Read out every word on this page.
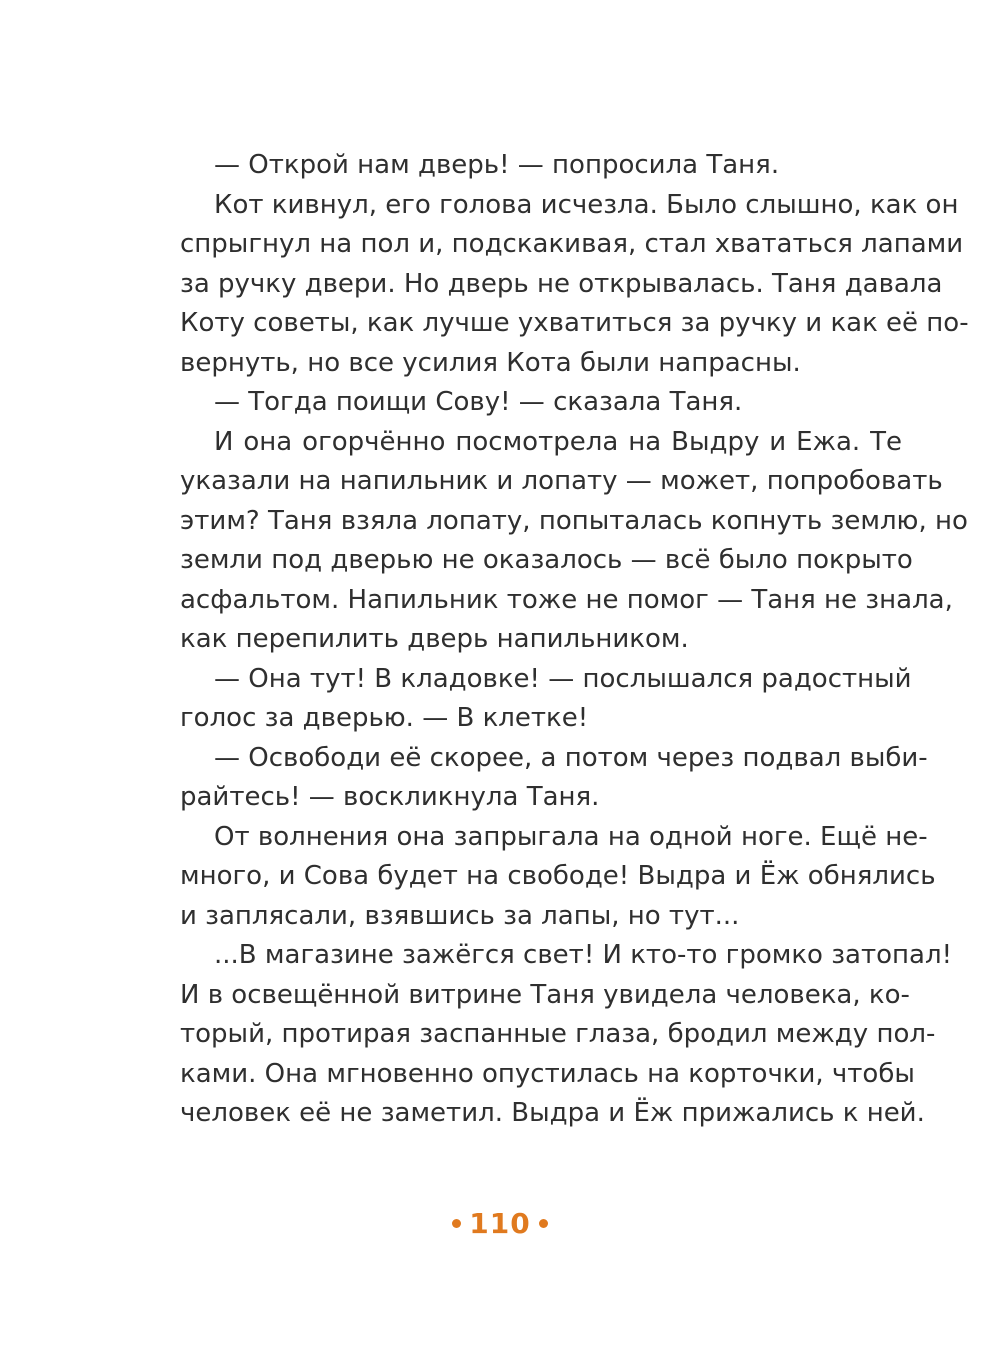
— Открой нам дверь! — попросила Таня.
Кот кивнул, его голова исчезла. Было слышно, как он
спрыгнул на пол и, подскакивая, стал хвататься лапами
за ручку двери. Но дверь не открывалась. Таня давала
Коту советы, как лучше ухватиться за ручку и как её по-
вернуть, но все усилия Кота были напрасны.
— Тогда поищи Сову! — сказала Таня.
И она огорчённо посмотрела на Выдру и Ежа. Те
указали на напильник и лопату — может, попробовать
этим? Таня взяла лопату, попыталась копнуть землю, но
земли под дверью не оказалось — всё было покрыто
асфальтом. Напильник тоже не помог — Таня не знала,
как перепилить дверь напильником.
— Она тут! В кладовке! — послышался радостный
голос за дверью. — В клетке!
— Освободи её скорее, а потом через подвал выби-
райтесь! — воскликнула Таня.
От волнения она запрыгала на одной ноге. Ещё не-
много, и Сова будет на свободе! Выдра и Ёж обнялись
и заплясали, взявшись за лапы, но тут...
...В магазине зажёгся свет! И кто-то громко затопал!
И в освещённой витрине Таня увидела человека, ко-
торый, протирая заспанные глаза, бродил между пол-
ками. Она мгновенно опустилась на корточки, чтобы
человек её не заметил. Выдра и Ёж прижались к ней.
110
